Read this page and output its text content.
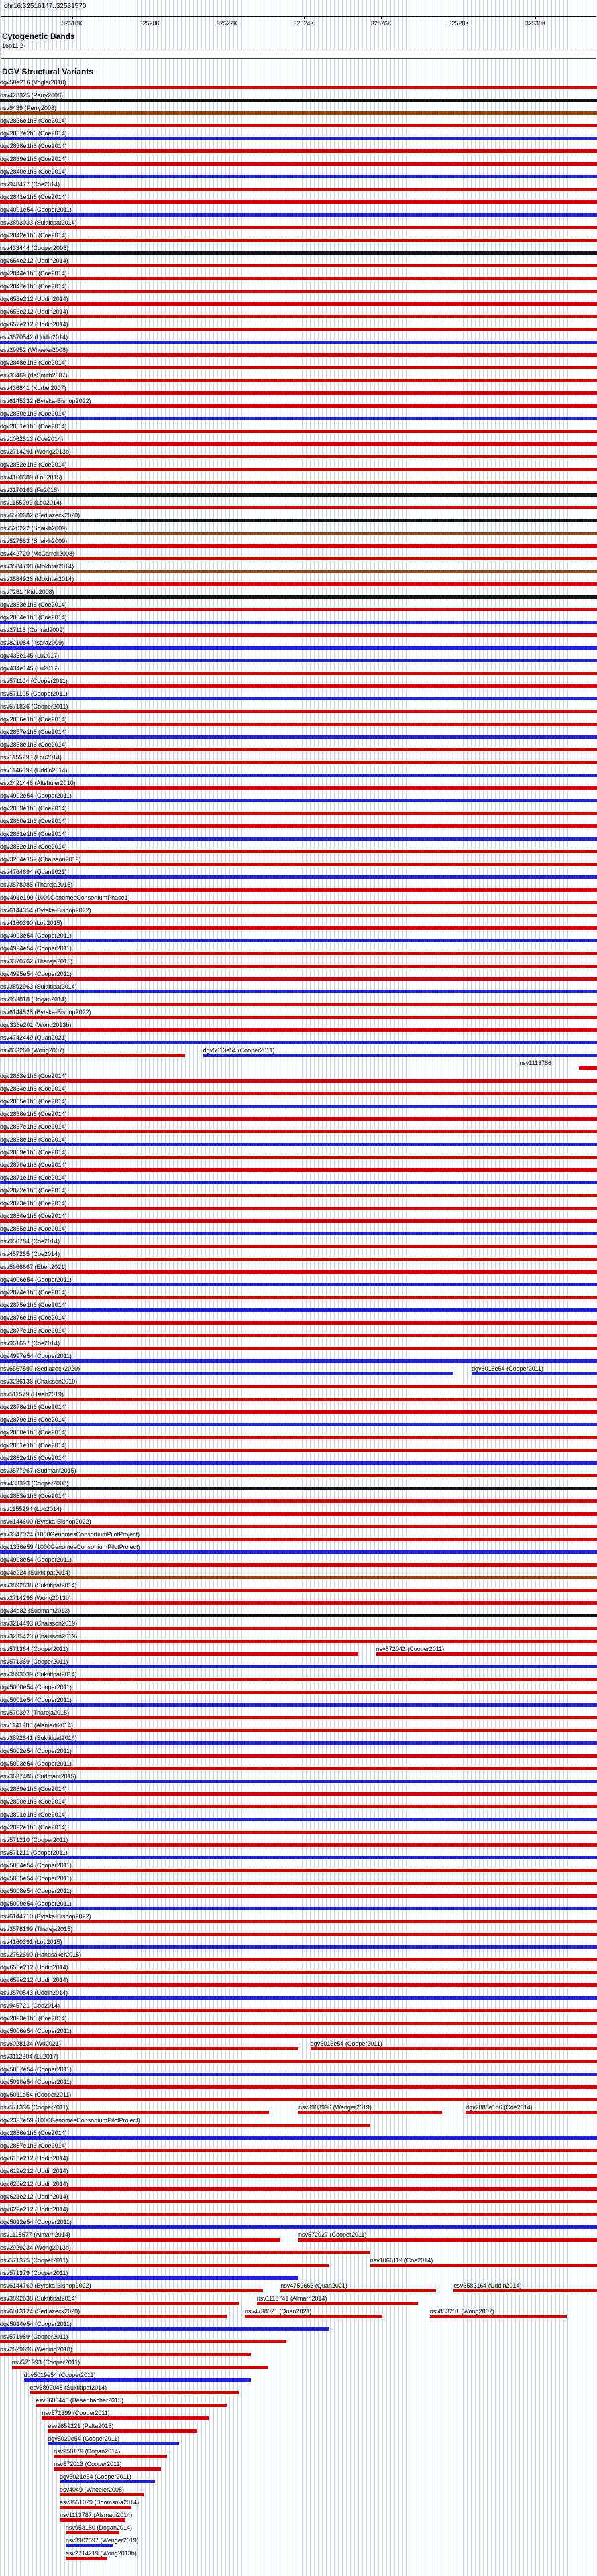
chr16:32516147..32531570
32518K	32520K	32522K	32524K	32526K	32528K	32530K
Cytogenetic Bands
16p11.2
DGV Structural Variants
dgv50e216 (Vogler2010)
nsv428325 (Perry2008)
nsv9439 (Perry2008)
dgv2836e1h6 (Coe2014)
dgv2837e2h6 (Coe2014)
dgv2838e1h6 (Coe2014)
dgv2839e1h6 (Coe2014)
dgv2840e1h6 (Coe2014)
nsv948477 (Coe2014)
dgv2841e1h6 (Coe2014)
dgv4091e54 (Cooper2011)
esv3893033 (Suktitipat2014)
dgv2842e1h6 (Coe2014)
nsv433444 (Cooper2008)
dgv654e212 (Uddin2014)
dgv2844e1h6 (Coe2014)
dgv2847e1h6 (Coe2014)
dgv655e212 (Uddin2014)
dgv656e212 (Uddin2014)
dgv657e212 (Uddin2014)
esv3570542 (Uddin2014)
esv29952 (Wheeler2008)
dgv2848e1h6 (Coe2014)
esv33469 (deSmith2007)
esv436841 (Korbel2007)
nsv6145332 (Byrska-Bishop2022)
dgv2850e1h6 (Coe2014)
dgv2851e1h6 (Coe2014)
esv1062513 (Coe2014)
esv2714291 (Wong2013b)
dgv2852e1h6 (Coe2014)
nsv4160389 (Lou2015)
esv3170163 (Fu2018)
nsv1155292 (Lou2014)
nsv6560682 (Sedlazeck2020)
nsv520222 (Shaikh2009)
nsv527583 (Shaikh2009)
esv442720 (McCarroll2008)
esv3584798 (Mokhtar2014)
esv3584926 (Mokhtar2014)
nsv7281 (Kidd2008)
dgv2853e1h6 (Coe2014)
dgv2854e1h6 (Coe2014)
esv27116 (Conrad2009)
esv821084 (Itsara2009)
dgv433e145 (Lu2017)
dgv434e145 (Lu2017)
nsv571104 (Cooper2011)
nsv571105 (Cooper2011)
nsv571836 (Cooper2011)
dgv2856e1h6 (Coe2014)
dgv2857e1h6 (Coe2014)
dgv2858e1h6 (Coe2014)
nsv1155293 (Lou2014)
nsv1146399 (Uddin2014)
esv2421446 (Altshuler2010)
dgv4992e54 (Cooper2011)
dgv2859e1h6 (Coe2014)
dgv2860e1h6 (Coe2014)
dgv2861e1h6 (Coe2014)
dgv2862e1h6 (Coe2014)
dgv3204e152 (Chaisson2019)
esv4764694 (Quan2021)
esv3578085 (Thareja2015)
dgv491e199 (1000GenomesConsortiumPhase1)
nsv6144354 (Byrska-Bishop2022)
nsv4160390 (Lou2015)
dgv4993e54 (Cooper2011)
dgv4994e54 (Cooper2011)
nsv3370762 (Thareja2015)
dgv4995e54 (Cooper2011)
esv3892963 (Suktitipat2014)
nsv953818 (Dogan2014)
nsv6144528 (Byrska-Bishop2022)
dgv336e201 (Wong2013b)
nsv4742449 (Quan2021)
nsv833260 (Wong2007)	dgv5013e54 (Cooper2011)
nsv1113786
dgv2863e1h6 (Coe2014)
dgv2864e1h6 (Coe2014)
dgv2865e1h6 (Coe2014)
dgv2866e1h6 (Coe2014)
dgv2867e1h6 (Coe2014)
dgv2868e1h6 (Coe2014)
dgv2869e1h6 (Coe2014)
dgv2870e1h6 (Coe2014)
dgv2871e1h6 (Coe2014)
dgv2872e1h6 (Coe2014)
dgv2873e1h6 (Coe2014)
dgv2884e1h6 (Coe2014)
dgv2885e1h6 (Coe2014)
nsv950784 (Coe2014)
nsv457255 (Coe2014)
esv5666667 (Ebert2021)
dgv4996e54 (Cooper2011)
dgv2874e1h6 (Coe2014)
dgv2875e1h6 (Coe2014)
dgv2876e1h6 (Coe2014)
dgv2877e1h6 (Coe2014)
nsv961657 (Coe2014)
dgv4997e54 (Cooper2011)
nsv6567597 (Sedlazeck2020)	dgv5015e54 (Cooper2011)
esv3236136 (Chaisson2019)
nsv511579 (Hsieh2019)
dgv2878e1h6 (Coe2014)
dgv2879e1h6 (Coe2014)
dgv2880e1h6 (Coe2014)
dgv2881e1h6 (Coe2014)
dgv2882e1h6 (Coe2014)
esv3577967 (Sudmant2015)
nsv433393 (Cooper2008)
dgv2883e1h6 (Coe2014)
nsv1155294 (Lou2014)
nsv6144600 (Byrska-Bishop2022)
esv3347024 (1000GenomesConsortiumPilotProject)
dgv1336e59 (1000GenomesConsortiumPilotProject)
dgv4998e54 (Cooper2011)
dgv4e224 (Suktitipat2014)
esv3892838 (Suktitipat2014)
esv2714298 (Wong2013b)
dgv34e82 (Sudmant2013)
nsv3214493 (Chaisson2019)
nsv3235423 (Chaisson2019)
nsv571364 (Cooper2011)	nsv572042 (Cooper2011)
nsv571369 (Cooper2011)
esv3893039 (Suktitipat2014)
dgv5000e54 (Cooper2011)
dgv5001e54 (Cooper2011)
nsv570397 (Thareja2015)
nsv1141286 (Alsmadi2014)
esv3892841 (Suktitipat2014)
dgv5002e54 (Cooper2011)
dgv5003e54 (Cooper2011)
esv3637486 (Sudmant2015)
dgv2889e1h6 (Coe2014)
dgv2890e1h6 (Coe2014)
dgv2891e1h6 (Coe2014)
dgv2892e1h6 (Coe2014)
nsv571210 (Cooper2011)
nsv571211 (Cooper2011)
dgv5004e54 (Cooper2011)
dgv5005e54 (Cooper2011)
dgv5008e54 (Cooper2011)
dgv5009e54 (Cooper2011)
nsv6144710 (Byrska-Bishop2022)
esv3578199 (Thareja2015)
nsv4160391 (Lou2015)
esv2762690 (Handsaker2015)
dgv658e212 (Uddin2014)
dgv659e212 (Uddin2014)
esv3570543 (Uddin2014)
nsv945721 (Coe2014)
dgv2893e1h6 (Coe2014)
dgv5006e54 (Cooper2011)
nsv6028134 (Wu2021)	dgv5016e54 (Cooper2011)
nsv3112304 (Lu2017)
dgv5007e54 (Cooper2011)
dgv5010e54 (Cooper2011)
dgv5011e54 (Cooper2011)
nsv571336 (Cooper2011)	nsv3903996 (Wenger2019)	dgv2888e1h6 (Coe2014)
dgv2337e59 (1000GenomesConsortiumPilotProject)
dgv2886e1h6 (Coe2014)
dgv2887e1h6 (Coe2014)
dgv618e212 (Uddin2014)
dgv619e212 (Uddin2014)
dgv620e212 (Uddin2014)
dgv621e212 (Uddin2014)
dgv622e212 (Uddin2014)
dgv5012e54 (Cooper2011)
nsv1118577 (Almarri2014)	nsv572027 (Cooper2011)
esv2929234 (Wong2013b)
nsv571375 (Cooper2011)	nsv1066119 (Coe2014)
nsv571379 (Cooper2011)
nsv6144769 (Byrska-Bishop2022)	nsv4759663 (Quan2021)	esv3582164 (Uddin2014)
esv3892638 (Suktitipat2014)	nsv1118741 (Almarri2014)
nsv6013124 (Sedlazeck2020)	nsv4738021 (Quan2021)	nsv833201 (Wong2007)
dgv5014e54 (Cooper2011)
nsv571989 (Cooper2011)
nsv2629696 (Werling2018)
nsv571993 (Cooper2011)
dgv5019e54 (Cooper2011)
esv3892048 (Suktitipat2014)
esv3600446 (Besenbacher2015)
nsv571399 (Cooper2011)
esv2659221 (Palta2015)
dgv5020e54 (Cooper2011)
nsv958179 (Dogan2014)
nsv572013 (Cooper2011)
dgv5021e54 (Cooper2011)
esv4049 (Wheeler2008)
esv3551029 (Boomsma2014)
nsv1113787 (Alsmadi2014)
nsv958180 (Dogan2014)
nsv3902597 (Wenger2019)
esv2714219 (Wong2013b)
